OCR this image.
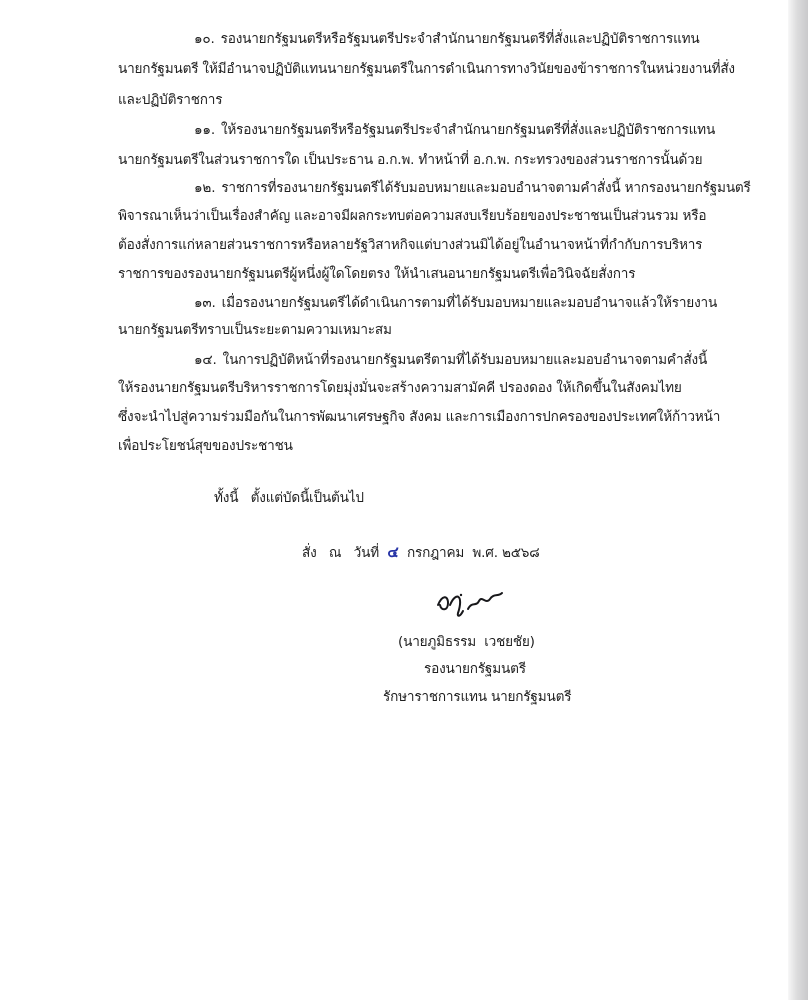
๑๐. รองนายกรัฐมนตรีหรือรัฐมนตรีประจำสำนักนายกรัฐมนตรีที่สั่งและปฏิบัติราชการแทน
นายกรัฐมนตรี ให้มีอำนาจปฏิบัติแทนนายกรัฐมนตรีในการดำเนินการทางวินัยของข้าราชการในหน่วยงานที่สั่ง
และปฏิบัติราชการ
๑๑. ให้รองนายกรัฐมนตรีหรือรัฐมนตรีประจำสำนักนายกรัฐมนตรีที่สั่งและปฏิบัติราชการแทน
นายกรัฐมนตรีในส่วนราชการใด เป็นประธาน อ.ก.พ. ทำหน้าที่ อ.ก.พ. กระทรวงของส่วนราชการนั้นด้วย
๑๒. ราชการที่รองนายกรัฐมนตรีได้รับมอบหมายและมอบอำนาจตามคำสั่งนี้ หากรองนายกรัฐมนตรี
พิจารณาเห็นว่าเป็นเรื่องสำคัญ และอาจมีผลกระทบต่อความสงบเรียบร้อยของประชาชนเป็นส่วนรวม หรือ
ต้องสั่งการแก่หลายส่วนราชการหรือหลายรัฐวิสาหกิจแต่บางส่วนมิได้อยู่ในอำนาจหน้าที่กำกับการบริหาร
ราชการของรองนายกรัฐมนตรีผู้หนึ่งผู้ใดโดยตรง ให้นำเสนอนายกรัฐมนตรีเพื่อวินิจฉัยสั่งการ
๑๓. เมื่อรองนายกรัฐมนตรีได้ดำเนินการตามที่ได้รับมอบหมายและมอบอำนาจแล้วให้รายงาน
นายกรัฐมนตรีทราบเป็นระยะตามความเหมาะสม
๑๔. ในการปฏิบัติหน้าที่รองนายกรัฐมนตรีตามที่ได้รับมอบหมายและมอบอำนาจตามคำสั่งนี้
ให้รองนายกรัฐมนตรีบริหารราชการโดยมุ่งมั่นจะสร้างความสามัคคี ปรองดอง ให้เกิดขึ้นในสังคมไทย
ซึ่งจะนำไปสู่ความร่วมมือกันในการพัฒนาเศรษฐกิจ สังคม และการเมืองการปกครองของประเทศให้ก้าวหน้า
เพื่อประโยชน์สุขของประชาชน
ทั้งนี้   ตั้งแต่บัดนี้เป็นต้นไป
สั่ง   ณ   วันที่ ๔ กรกฎาคม  พ.ศ. ๒๕๖๘
(นายภูมิธรรม  เวชยชัย)
รองนายกรัฐมนตรี
รักษาราชการแทน นายกรัฐมนตรี
